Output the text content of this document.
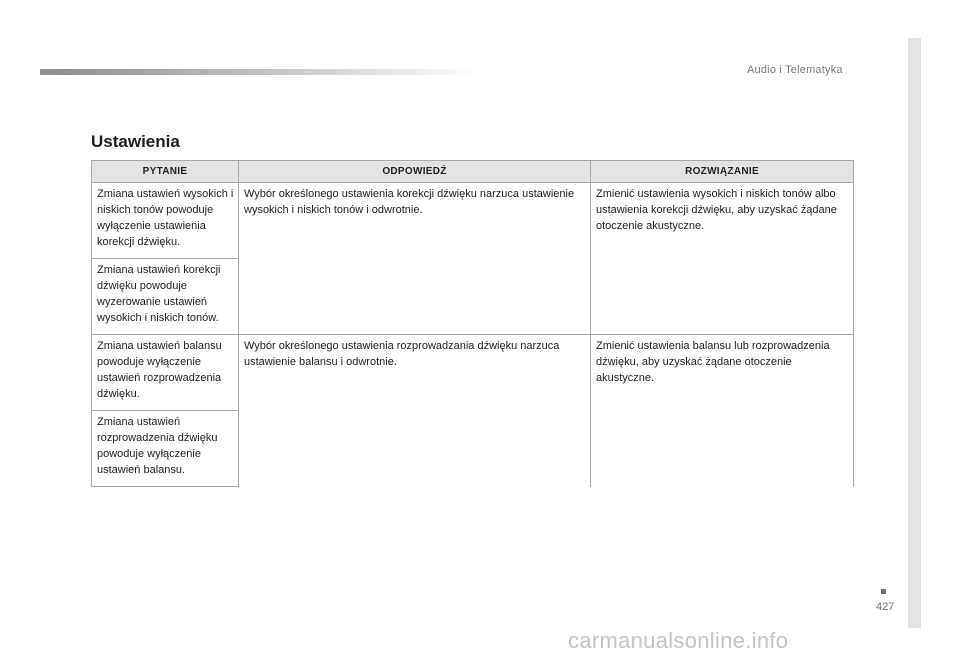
Audio i Telematyka
427
Ustawienia
PYTANIE	ODPOWIEDŹ	ROZWIĄZANIE
Zmiana ustawień wysokich i niskich tonów powoduje wyłączenie ustawienia korekcji dźwięku.	Wybór określonego ustawienia korekcji dźwięku narzuca ustawienie wysokich i niskich tonów i odwrotnie.	Zmienić ustawienia wysokich i niskich tonów albo ustawienia korekcji dźwięku, aby uzyskać żądane otoczenie akustyczne.
Zmiana ustawień korekcji dźwięku powoduje wyzerowanie ustawień wysokich i niskich tonów.		
Zmiana ustawień balansu powoduje wyłączenie ustawień rozprowadzenia dźwięku.	Wybór określonego ustawienia rozprowadzania dźwięku narzuca ustawienie balansu i odwrotnie.	Zmienić ustawienia balansu lub rozprowadzenia dźwięku, aby uzyskać żądane otoczenie akustyczne.
Zmiana ustawień rozprowadzenia dźwięku powoduje wyłączenie ustawień balansu.		
carmanualsonline.info
